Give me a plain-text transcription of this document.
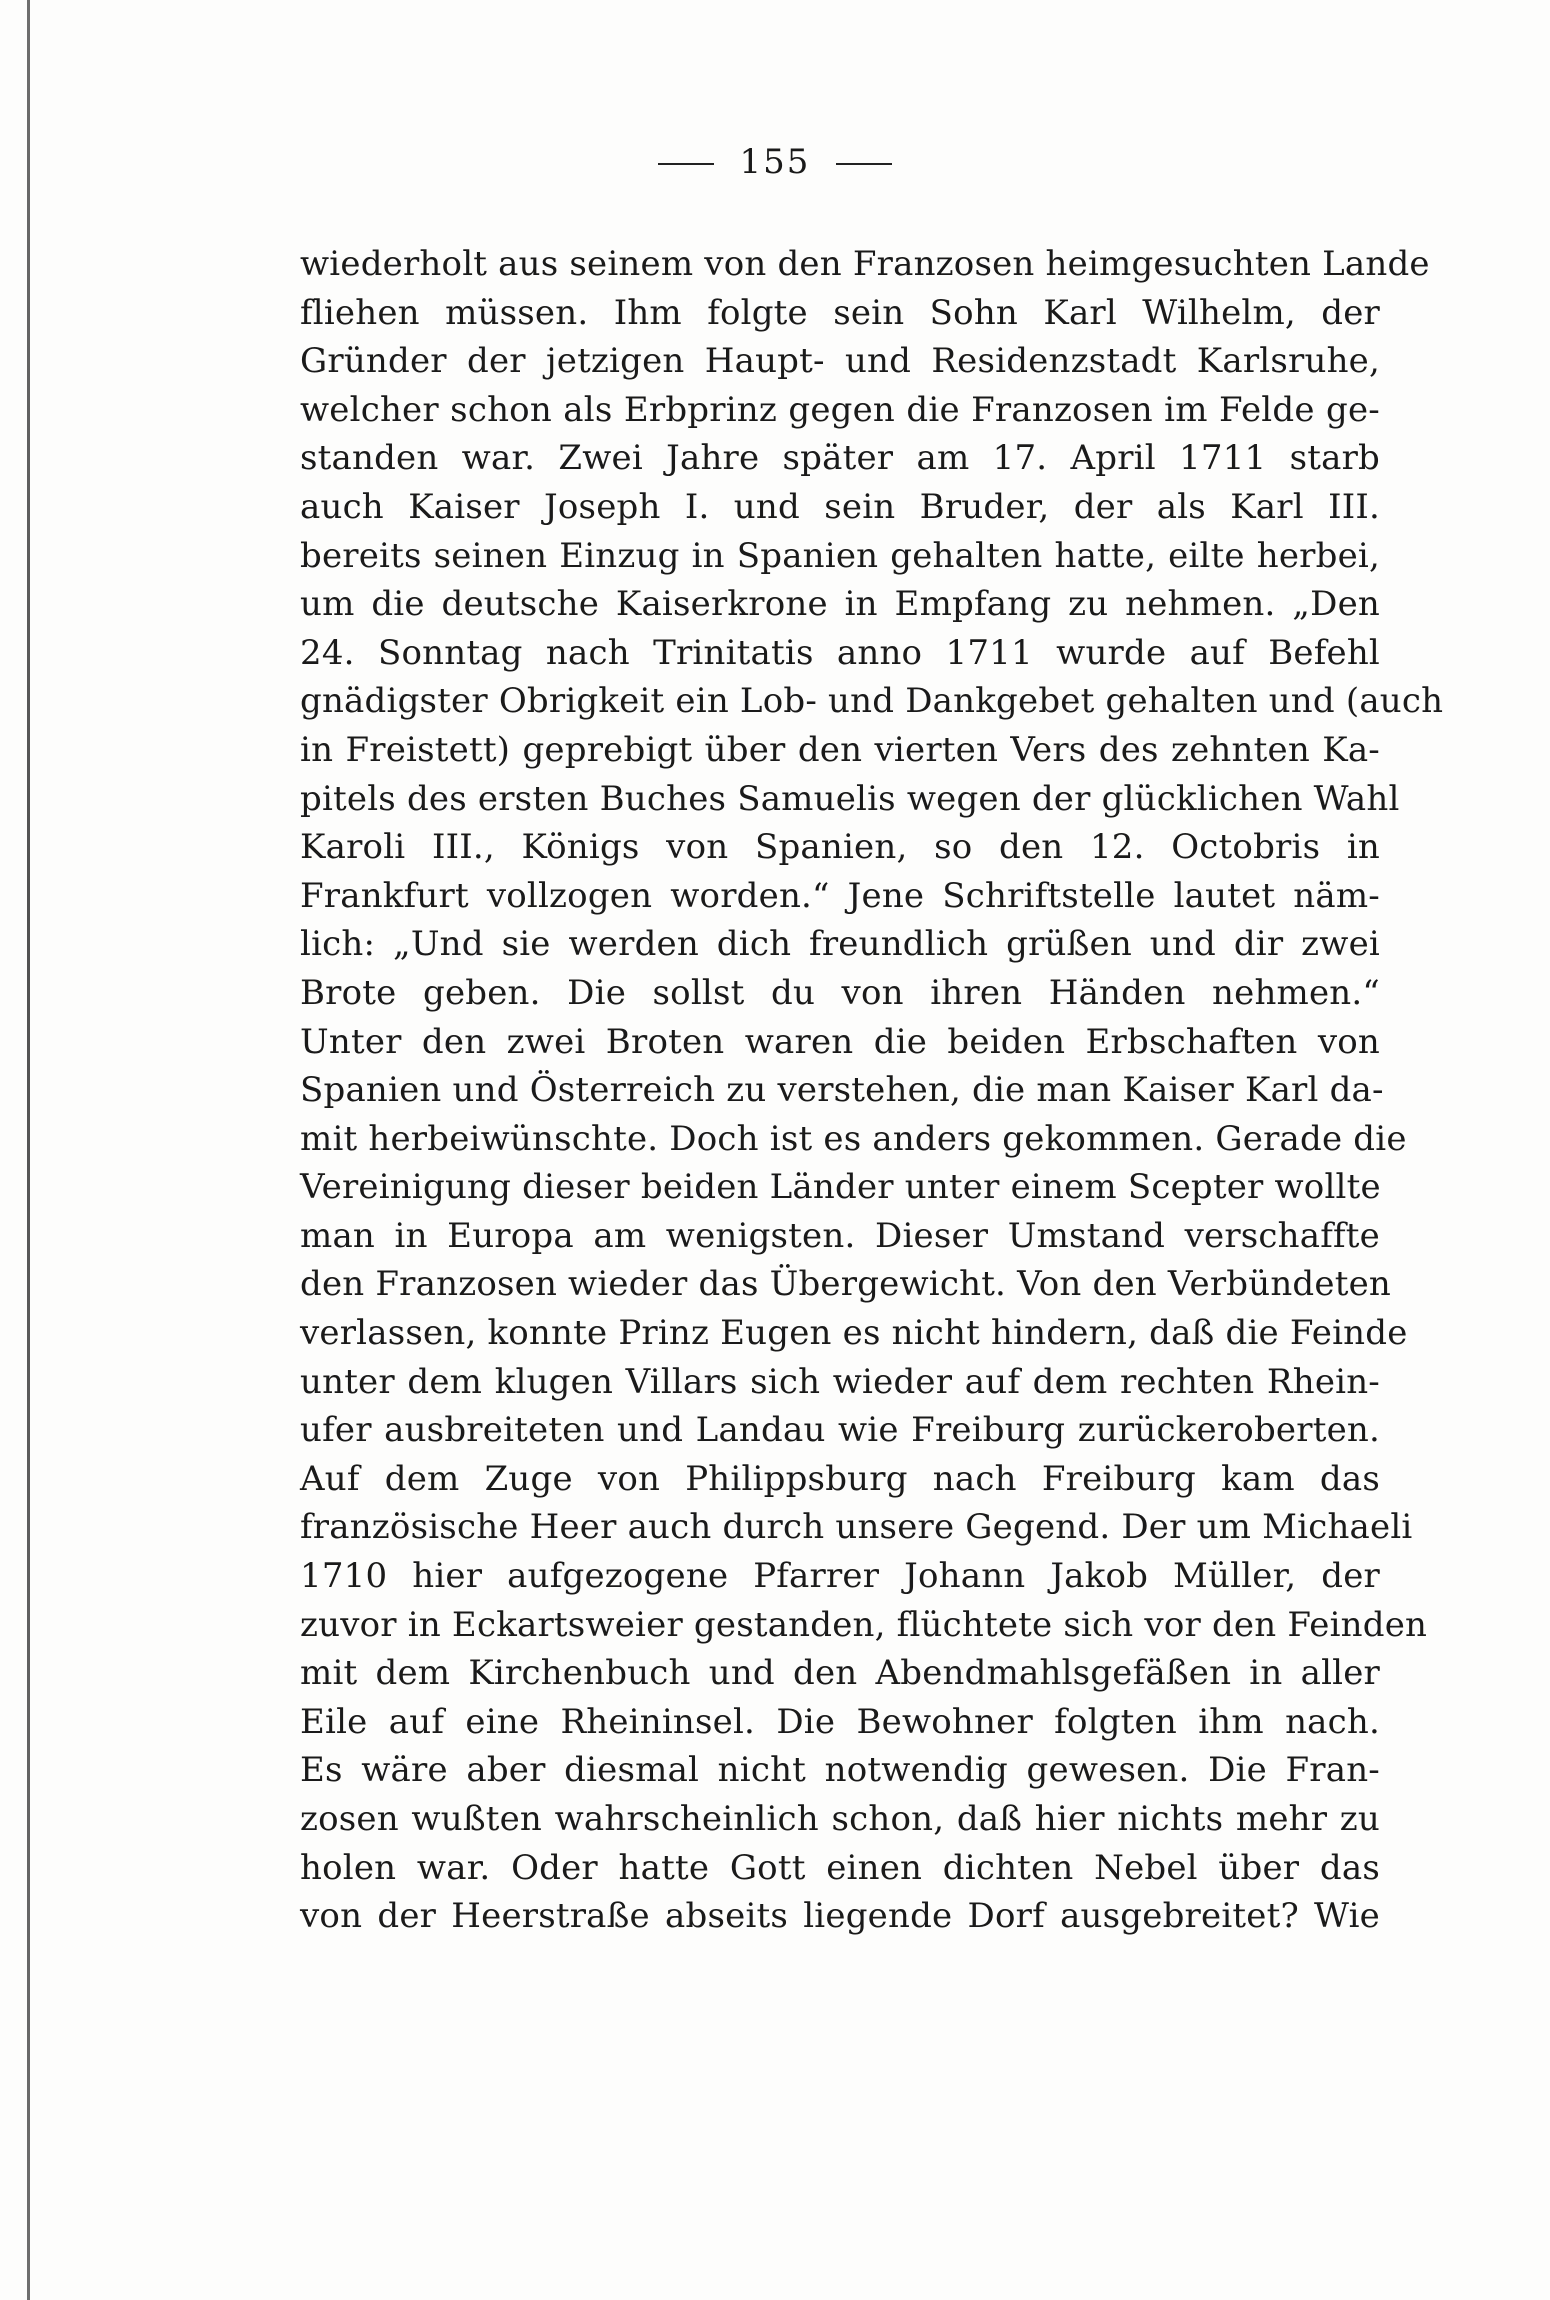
155
wiederholt aus seinem von den Franzosen heimgesuchten Lande
fliehen müssen. Ihm folgte sein Sohn Karl Wilhelm, der
Gründer der jetzigen Haupt- und Residenzstadt Karlsruhe,
welcher schon als Erbprinz gegen die Franzosen im Felde ge-
standen war. Zwei Jahre später am 17. April 1711 starb
auch Kaiser Joseph I. und sein Bruder, der als Karl III.
bereits seinen Einzug in Spanien gehalten hatte, eilte herbei,
um die deutsche Kaiserkrone in Empfang zu nehmen. „Den
24. Sonntag nach Trinitatis anno 1711 wurde auf Befehl
gnädigster Obrigkeit ein Lob- und Dankgebet gehalten und (auch
in Freistett) geprebigt über den vierten Vers des zehnten Ka-
pitels des ersten Buches Samuelis wegen der glücklichen Wahl
Karoli III., Königs von Spanien, so den 12. Octobris in
Frankfurt vollzogen worden.“ Jene Schriftstelle lautet näm-
lich: „Und sie werden dich freundlich grüßen und dir zwei
Brote geben. Die sollst du von ihren Händen nehmen.“
Unter den zwei Broten waren die beiden Erbschaften von
Spanien und Österreich zu verstehen, die man Kaiser Karl da-
mit herbeiwünschte. Doch ist es anders gekommen. Gerade die
Vereinigung dieser beiden Länder unter einem Scepter wollte
man in Europa am wenigsten. Dieser Umstand verschaffte
den Franzosen wieder das Übergewicht. Von den Verbündeten
verlassen, konnte Prinz Eugen es nicht hindern, daß die Feinde
unter dem klugen Villars sich wieder auf dem rechten Rhein-
ufer ausbreiteten und Landau wie Freiburg zurückeroberten.
Auf dem Zuge von Philippsburg nach Freiburg kam das
französische Heer auch durch unsere Gegend. Der um Michaeli
1710 hier aufgezogene Pfarrer Johann Jakob Müller, der
zuvor in Eckartsweier gestanden, flüchtete sich vor den Feinden
mit dem Kirchenbuch und den Abendmahlsgefäßen in aller
Eile auf eine Rheininsel. Die Bewohner folgten ihm nach.
Es wäre aber diesmal nicht notwendig gewesen. Die Fran-
zosen wußten wahrscheinlich schon, daß hier nichts mehr zu
holen war. Oder hatte Gott einen dichten Nebel über das
von der Heerstraße abseits liegende Dorf ausgebreitet? Wie
